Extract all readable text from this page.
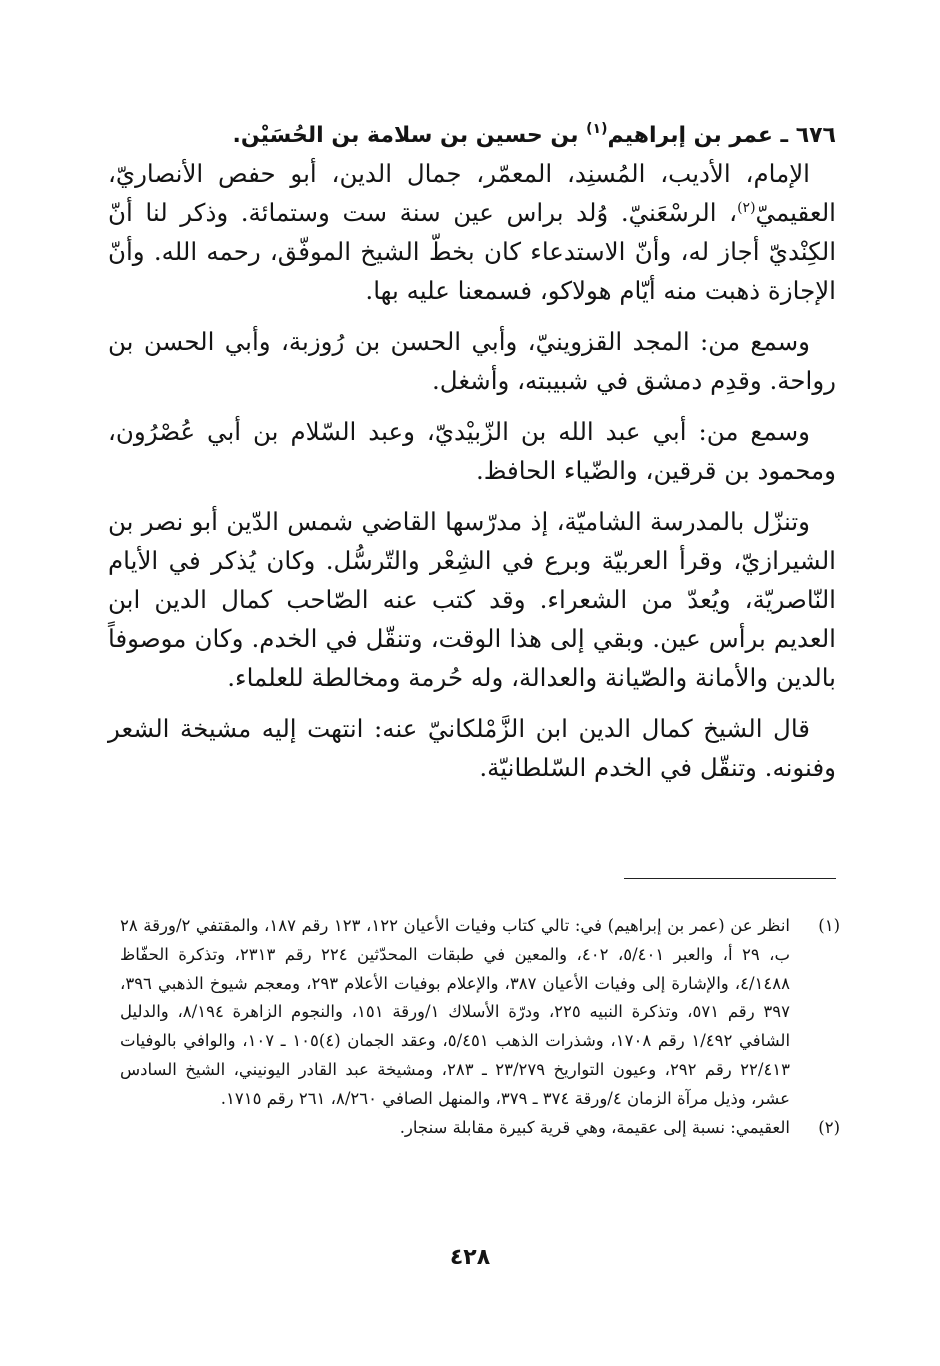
٦٧٦ ـ عمر بن إبراهيم$^{(١)}$ بن حسين بن سلامة بن الحُسَيْن.

الإمام، الأديب، المُسنِد، المعمّر، جمال الدين، أبو حفص الأنصاريّ، العقيميّ$^{(٢)}$، الرسْعَنيّ. وُلد براس عين سنة ست وستمائة. وذكر لنا أنّ الكِنْديّ أجاز له، وأنّ الاستدعاء كان بخطّ الشيخ الموفّق، رحمه الله. وأنّ الإجازة ذهبت منه أيّام هولاكو، فسمعنا عليه بها.

وسمع من: المجد القزوينيّ، وأبي الحسن بن رُوزبة، وأبي الحسن بن رواحة. وقدِم دمشق في شبيبته، وأشغل.

وسمع من: أبي عبد الله بن الزّبيْديّ، وعبد السّلام بن أبي عُصْرُون، ومحمود بن قرقين، والضّياء الحافظ.

وتنزّل بالمدرسة الشاميّة، إذ مدرّسها القاضي شمس الدّين أبو نصر بن الشيرازيّ، وقرأ العربيّة وبرع في الشِعْر والتّرسُّل. وكان يُذكر في الأيام النّاصريّة، ويُعدّ من الشعراء. وقد كتب عنه الصّاحب كمال الدين ابن العديم برأس عين. وبقي إلى هذا الوقت، وتنقّل في الخدم. وكان موصوفاً بالدين والأمانة والصّيانة والعدالة، وله حُرمة ومخالطة للعلماء.

قال الشيخ كمال الدين ابن الزَّمْلكانيّ عنه: انتهت إليه مشيخة الشعر وفنونه. وتنقّل في الخدم السّلطانيّة.

(١)
انظر عن (عمر بن إبراهيم) في: تالي كتاب وفيات الأعيان ١٢٢، ١٢٣ رقم ١٨٧، والمقتفي ٢/ورقة ٢٨ ب، ٢٩ أ، والعبر ٥/٤٠١، ٤٠٢، والمعين في طبقات المحدّثين ٢٢٤ رقم ٢٣١٣، وتذكرة الحفّاظ ٤/١٤٨٨، والإشارة إلى وفيات الأعيان ٣٨٧، والإعلام بوفيات الأعلام ٢٩٣، ومعجم شيوخ الذهبي ٣٩٦، ٣٩٧ رقم ٥٧١، وتذكرة النبيه ٢٢٥، ودرّة الأسلاك ١/ورقة ١٥١، والنجوم الزاهرة ٨/١٩٤، والدليل الشافي ١/٤٩٢ رقم ١٧٠٨، وشذرات الذهب ٥/٤٥١، وعقد الجمان (٤)١٠٥ ـ ١٠٧، والوافي بالوفيات ٢٢/٤١٣ رقم ٢٩٢، وعيون التواريخ ٢٣/٢٧٩ ـ ٢٨٣، ومشيخة عبد القادر اليونيني، الشيخ السادس عشر، وذيل مرآة الزمان ٤/ورقة ٣٧٤ ـ ٣٧٩، والمنهل الصافي ٨/٢٦٠، ٢٦١ رقم ١٧١٥.
(٢)
العقيمي: نسبة إلى عقيمة، وهي قرية كبيرة مقابلة سنجار.
٤٢٨
